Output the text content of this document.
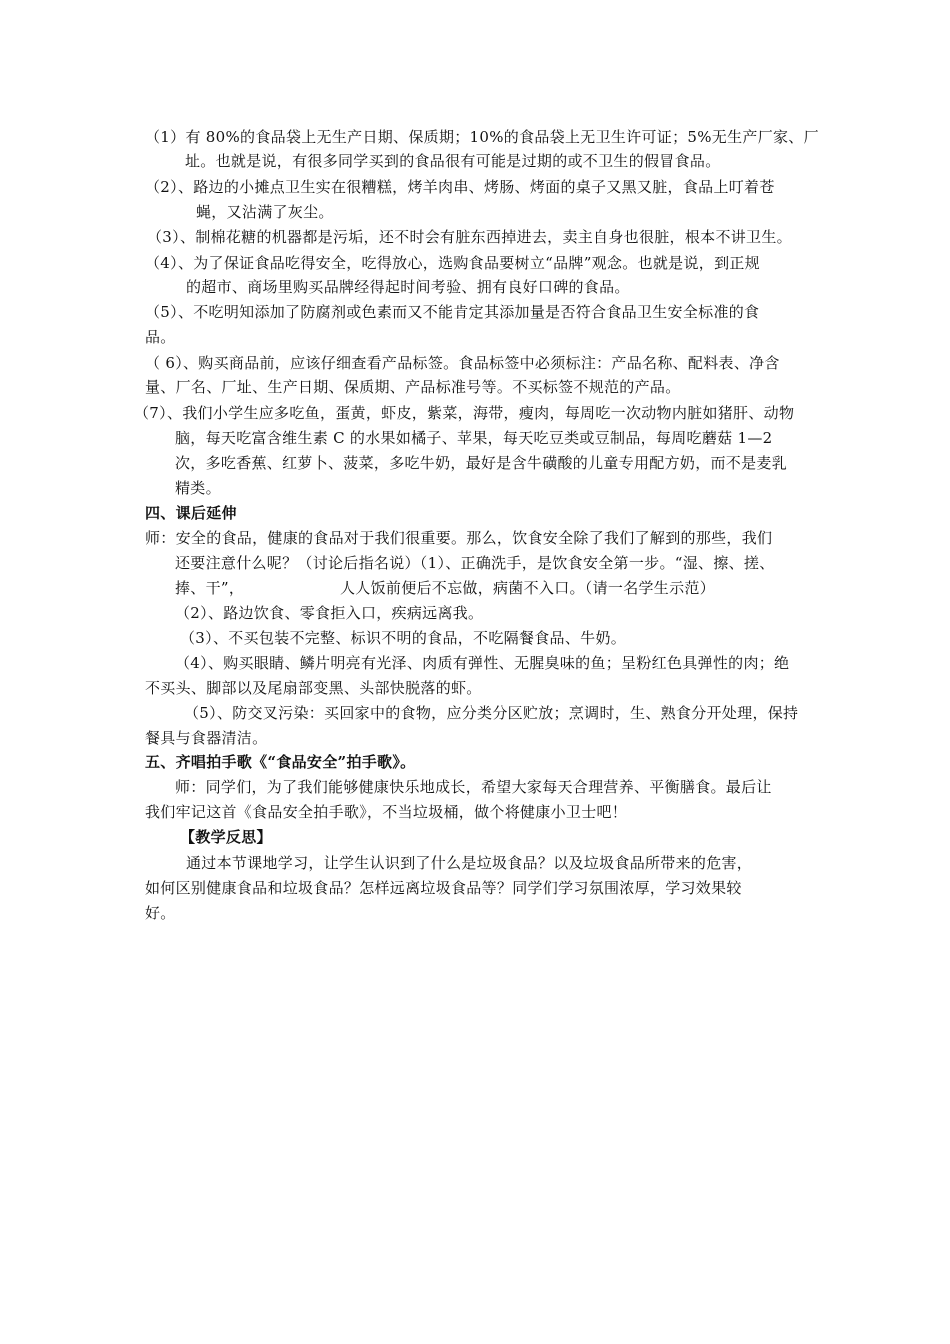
（1）有 80%的食品袋上无生产日期、保质期；10%的食品袋上无卫生许可证；5%无生产厂家、厂
址。也就是说，有很多同学买到的食品很有可能是过期的或不卫生的假冒食品。
（2）、路边的小摊点卫生实在很糟糕，烤羊肉串、烤肠、烤面的桌子又黑又脏，食品上叮着苍
蝇，又沾满了灰尘。
（3）、制棉花糖的机器都是污垢，还不时会有脏东西掉进去，卖主自身也很脏，根本不讲卫生。
（4）、为了保证食品吃得安全，吃得放心，选购食品要树立“品牌”观念。也就是说，到正规
的超市、商场里购买品牌经得起时间考验、拥有良好口碑的食品。
（5）、不吃明知添加了防腐剂或色素而又不能肯定其添加量是否符合食品卫生安全标准的食
品。
（ 6）、购买商品前，应该仔细查看产品标签。食品标签中必须标注：产品名称、配料表、净含
量、厂名、厂址、生产日期、保质期、产品标准号等。不买标签不规范的产品。
（7）、我们小学生应多吃鱼，蛋黄，虾皮，紫菜，海带，瘦肉，每周吃一次动物内脏如猪肝、动物
脑，每天吃富含维生素 C 的水果如橘子、苹果，每天吃豆类或豆制品，每周吃蘑菇 1—2
次，多吃香蕉、红萝卜、菠菜，多吃牛奶，最好是含牛磺酸的儿童专用配方奶，而不是麦乳
精类。
四、课后延伸
师：安全的食品，健康的食品对于我们很重要。那么，饮食安全除了我们了解到的那些，我们
还要注意什么呢？（讨论后指名说）（1）、正确洗手，是饮食安全第一步。“湿、擦、搓、
捧、干”，	人人饭前便后不忘做，病菌不入口。（请一名学生示范）
（2）、路边饮食、零食拒入口，疾病远离我。
（3）、不买包装不完整、标识不明的食品，不吃隔餐食品、牛奶。
（4）、购买眼睛、鳞片明亮有光泽、肉质有弹性、无腥臭味的鱼；呈粉红色具弹性的肉；绝
不买头、脚部以及尾扇部变黑、头部快脱落的虾。
（5）、防交叉污染：买回家中的食物，应分类分区贮放；烹调时，生、熟食分开处理，保持
餐具与食器清洁。
五、齐唱拍手歌《“食品安全”拍手歌》。
师：同学们，为了我们能够健康快乐地成长，希望大家每天合理营养、平衡膳食。最后让
我们牢记这首《食品安全拍手歌》，不当垃圾桶，做个将健康小卫士吧！
【教学反思】
通过本节课地学习，让学生认识到了什么是垃圾食品？以及垃圾食品所带来的危害，
如何区别健康食品和垃圾食品？怎样远离垃圾食品等？同学们学习氛围浓厚，学习效果较
好。
